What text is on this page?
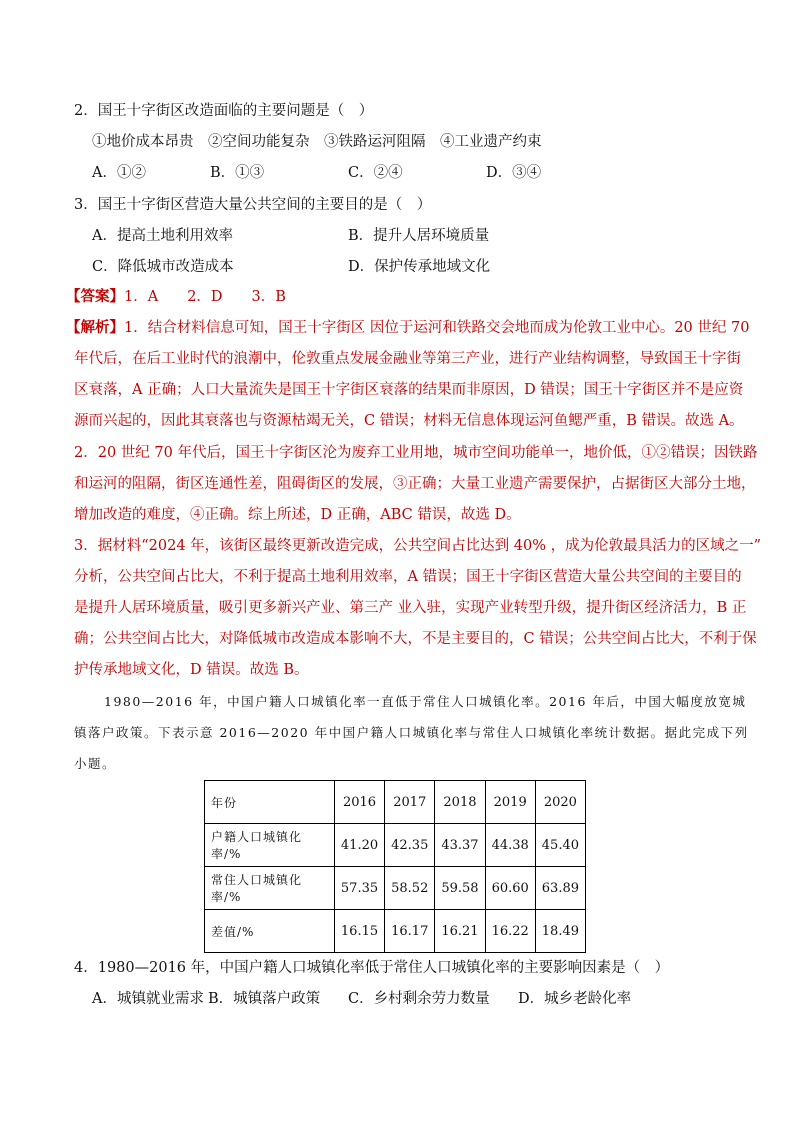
2．国王十字街区改造面临的主要问题是（　）
①地价成本昂贵　②空间功能复杂　③铁路运河阻隔　④工业遗产约束
A．①②	B．①③	C．②④	D．③④
3．国王十字街区营造大量公共空间的主要目的是（　）
A．提高土地利用效率	B．提升人居环境质量
C．降低城市改造成本	D．保护传承地域文化
【答案】1．A　　2．D　　3．B
【解析】1．结合材料信息可知，国王十字街区 因位于运河和铁路交会地而成为伦敦工业中心。20 世纪 70
年代后，在后工业时代的浪潮中，伦敦重点发展金融业等第三产业，进行产业结构调整，导致国王十字街
区衰落，A 正确；人口大量流失是国王十字街区衰落的结果而非原因，D 错误；国王十字街区并不是应资
源而兴起的，因此其衰落也与资源枯竭无关，C 错误；材料无信息体现运河鱼鳃严重，B 错误。故选 A。
2．20 世纪 70 年代后，国王十字街区沦为废弃工业用地，城市空间功能单一，地价低，①②错误；因铁路
和运河的阻隔，街区连通性差，阻碍街区的发展，③正确；大量工业遗产需要保护，占据街区大部分土地，
增加改造的难度，④正确。综上所述，D 正确，ABC 错误，故选 D。
3．据材料“2024 年，该街区最终更新改造完成，公共空间占比达到 40% ，成为伦敦最具活力的区域之一”
分析，公共空间占比大，不利于提高土地利用效率，A 错误；国王十字街区营造大量公共空间的主要目的
是提升人居环境质量，吸引更多新兴产业、第三产 业入驻，实现产业转型升级，提升街区经济活力，B 正
确；公共空间占比大，对降低城市改造成本影响不大，不是主要目的，C 错误；公共空间占比大，不利于保
护传承地域文化，D 错误。故选 B。
1980—2016 年，中国户籍人口城镇化率一直低于常住人口城镇化率。2016 年后，中国大幅度放宽城
镇落户政策。下表示意 2016—2020 年中国户籍人口城镇化率与常住人口城镇化率统计数据。据此完成下列
小题。
年份	2016	2017	2018	2019	2020
户籍人口城镇化率/%	41.20	42.35	43.37	44.38	45.40
常住人口城镇化率/%	57.35	58.52	59.58	60.60	63.89
差值/%	16.15	16.17	16.21	16.22	18.49
4．1980—2016 年，中国户籍人口城镇化率低于常住人口城镇化率的主要影响因素是（　）
A．城镇就业需求 B．城镇落户政策 C．乡村剩余劳力数量 D．城乡老龄化率
